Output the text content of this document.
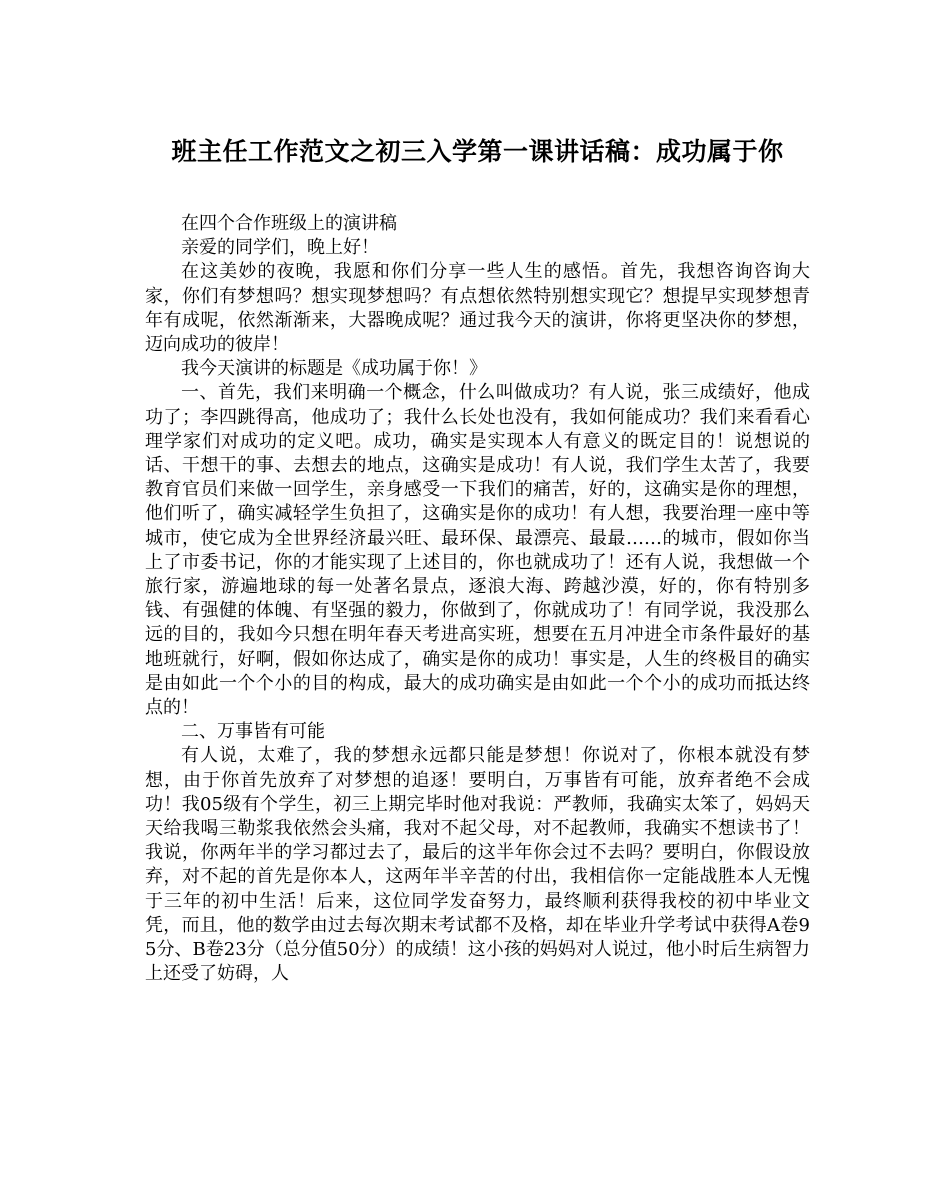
班主任工作范文之初三入学第一课讲话稿：成功属于你

在四个合作班级上的演讲稿

亲爱的同学们，晚上好！

在这美妙的夜晚，我愿和你们分享一些人生的感悟。首先，我想咨询咨询大家，你们有梦想吗？想实现梦想吗？有点想依然特别想实现它？想提早实现梦想青年有成呢，依然渐渐来，大器晚成呢？通过我今天的演讲，你将更坚决你的梦想，迈向成功的彼岸！

我今天演讲的标题是《成功属于你！》

一、首先，我们来明确一个概念，什么叫做成功？有人说，张三成绩好，他成功了；李四跳得高，他成功了；我什么长处也没有，我如何能成功？我们来看看心理学家们对成功的定义吧。成功，确实是实现本人有意义的既定目的！说想说的话、干想干的事、去想去的地点，这确实是成功！有人说，我们学生太苦了，我要教育官员们来做一回学生，亲身感受一下我们的痛苦，好的，这确实是你的理想，他们听了，确实减轻学生负担了，这确实是你的成功！有人想，我要治理一座中等城市，使它成为全世界经济最兴旺、最环保、最漂亮、最最……的城市，假如你当上了市委书记，你的才能实现了上述目的，你也就成功了！还有人说，我想做一个旅行家，游遍地球的每一处著名景点，逐浪大海、跨越沙漠，好的，你有特别多钱、有强健的体魄、有坚强的毅力，你做到了，你就成功了！有同学说，我没那么远的目的，我如今只想在明年春天考进高实班，想要在五月冲进全市条件最好的基地班就行，好啊，假如你达成了，确实是你的成功！事实是，人生的终极目的确实是由如此一个个小的目的构成，最大的成功确实是由如此一个个小的成功而抵达终点的！

二、万事皆有可能

有人说，太难了，我的梦想永远都只能是梦想！你说对了，你根本就没有梦想，由于你首先放弃了对梦想的追逐！要明白，万事皆有可能，放弃者绝不会成功！我05级有个学生，初三上期完毕时他对我说：严教师，我确实太笨了，妈妈天天给我喝三勒浆我依然会头痛，我对不起父母，对不起教师，我确实不想读书了！我说，你两年半的学习都过去了，最后的这半年你会过不去吗？要明白，你假设放弃，对不起的首先是你本人，这两年半辛苦的付出，我相信你一定能战胜本人无愧于三年的初中生活！后来，这位同学发奋努力，最终顺利获得我校的初中毕业文凭，而且，他的数学由过去每次期末考试都不及格，却在毕业升学考试中获得A卷95分、B卷23分（总分值50分）的成绩！这小孩的妈妈对人说过，他小时后生病智力上还受了妨碍，人
